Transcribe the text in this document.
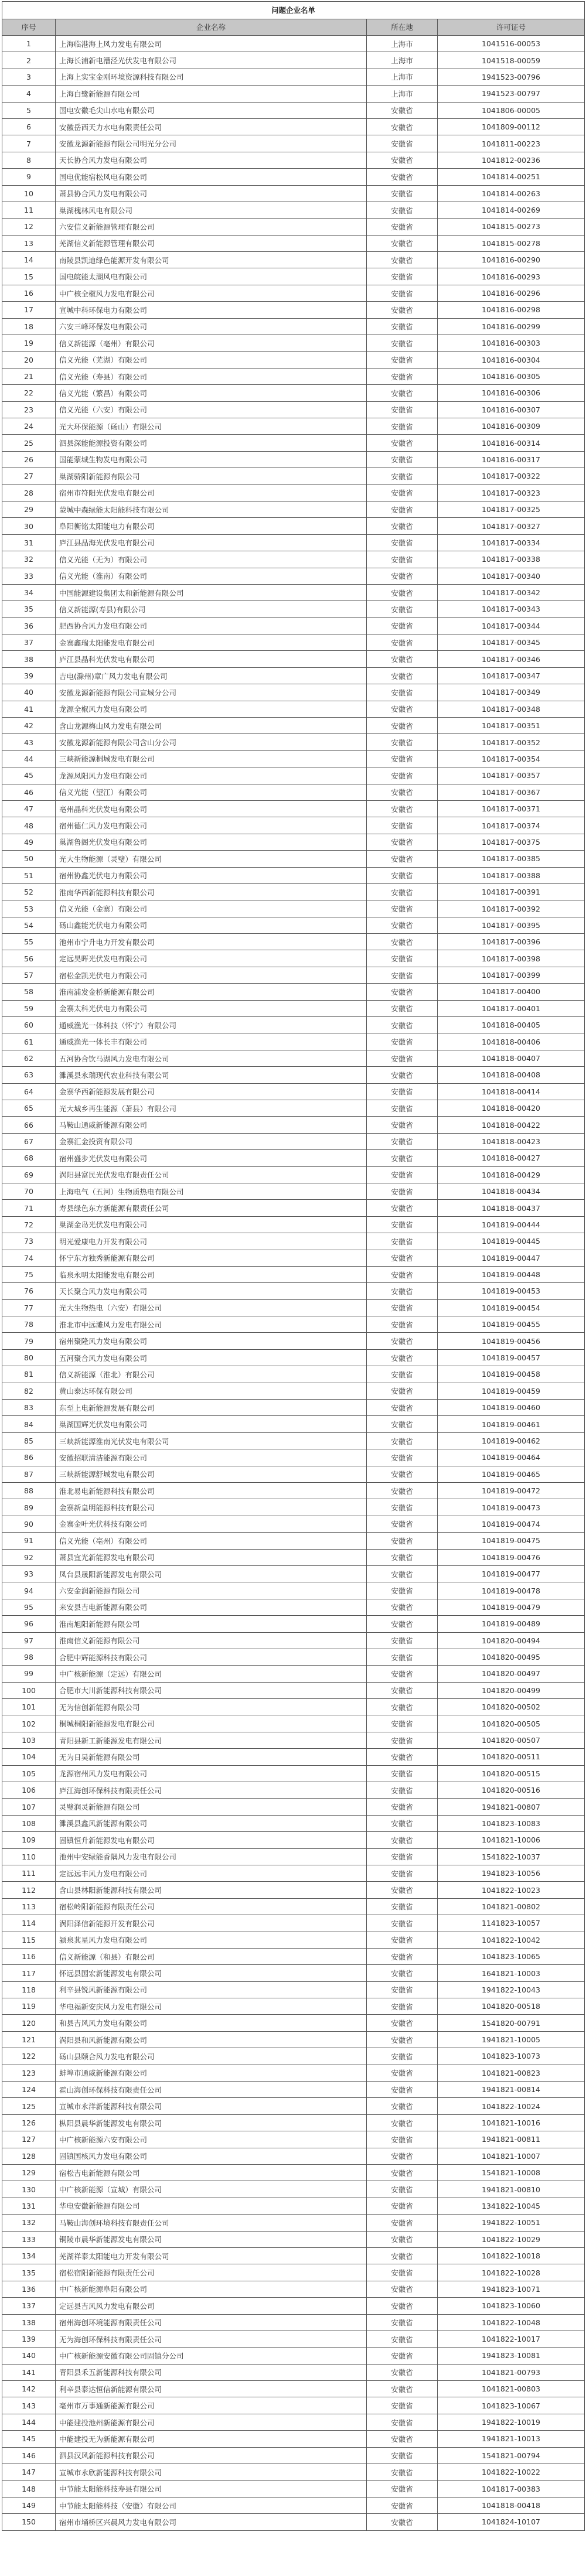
问题企业名单			
序号	企业名称	所在地	许可证号
1	上海临港海上风力发电有限公司	上海市	1041516-00053
2	上海长浦新电漕泾光伏发电有限公司	上海市	1041518-00059
3	上海上实宝金刚环境资源科技有限公司	上海市	1941523-00796
4	上海白鹭新能源有限公司	上海市	1941523-00797
5	国电安徽毛尖山水电有限公司	安徽省	1041806-00005
6	安徽岳西天力水电有限责任公司	安徽省	1041809-00112
7	安徽龙源新能源有限公司明光分公司	安徽省	1041811-00223
8	天长协合风力发电有限公司	安徽省	1041812-00236
9	国电优能宿松风电有限公司	安徽省	1041814-00251
10	萧县协合风力发电有限公司	安徽省	1041814-00263
11	巢湖槐林风电有限公司	安徽省	1041814-00269
12	六安信义新能源管理有限公司	安徽省	1041815-00273
13	芜湖信义新能源管理有限公司	安徽省	1041815-00278
14	南陵县凯迪绿色能源开发有限公司	安徽省	1041816-00290
15	国电皖能太湖风电有限公司	安徽省	1041816-00293
16	中广核全椒风力发电有限公司	安徽省	1041816-00296
17	宣城中科环保电力有限公司	安徽省	1041816-00298
18	六安三峰环保发电有限公司	安徽省	1041816-00299
19	信义新能源（亳州）有限公司	安徽省	1041816-00303
20	信义光能（芜湖）有限公司	安徽省	1041816-00304
21	信义光能（寿县）有限公司	安徽省	1041816-00305
22	信义光能（繁昌）有限公司	安徽省	1041816-00306
23	信义光能（六安）有限公司	安徽省	1041816-00307
24	光大环保能源（砀山）有限公司	安徽省	1041816-00309
25	泗县深能能源投资有限公司	安徽省	1041816-00314
26	国能蒙城生物发电有限公司	安徽省	1041816-00317
27	巢湖骄阳新能源有限公司	安徽省	1041817-00322
28	宿州市符阳光伏发电有限公司	安徽省	1041817-00323
29	蒙城中森绿能太阳能科技有限公司	安徽省	1041817-00325
30	阜阳衡铭太阳能电力有限公司	安徽省	1041817-00327
31	庐江县晶海光伏发电有限公司	安徽省	1041817-00334
32	信义光能（无为）有限公司	安徽省	1041817-00338
33	信义光能（淮南）有限公司	安徽省	1041817-00340
34	中国能源建设集团太和新能源有限公司	安徽省	1041817-00342
35	信义新能源(寿县)有限公司	安徽省	1041817-00343
36	肥西协合风力发电有限公司	安徽省	1041817-00344
37	金寨鑫瑞太阳能发电有限公司	安徽省	1041817-00345
38	庐江县晶科光伏发电有限公司	安徽省	1041817-00346
39	吉电(滁州)章广风力发电有限公司	安徽省	1041817-00347
40	安徽龙源新能源有限公司宣城分公司	安徽省	1041817-00349
41	龙源全椒风力发电有限公司	安徽省	1041817-00348
42	含山龙源梅山风力发电有限公司	安徽省	1041817-00351
43	安徽龙源新能源有限公司含山分公司	安徽省	1041817-00352
44	三峡新能源桐城发电有限公司	安徽省	1041817-00354
45	龙源凤阳风力发电有限公司	安徽省	1041817-00357
46	信义光能（望江）有限公司	安徽省	1041817-00367
47	亳州晶科光伏发电有限公司	安徽省	1041817-00371
48	宿州德仁风力发电有限公司	安徽省	1041817-00374
49	巢湖鲁阁光伏发电有限公司	安徽省	1041817-00375
50	光大生物能源（灵璧）有限公司	安徽省	1041817-00385
51	宿州协鑫光伏电力有限公司	安徽省	1041817-00388
52	淮南华西新能源科技有限公司	安徽省	1041817-00391
53	信义光能（金寨）有限公司	安徽省	1041817-00392
54	砀山鑫能光伏电力有限公司	安徽省	1041817-00395
55	池州市宁升电力开发有限公司	安徽省	1041817-00396
56	定远昊晖光伏发电有限公司	安徽省	1041817-00398
57	宿松金凯光伏电力有限公司	安徽省	1041817-00399
58	淮南浦发金桥新能源有限公司	安徽省	1041817-00400
59	金寨太科光伏电力有限公司	安徽省	1041817-00401
60	通威渔光一体科技（怀宁）有限公司	安徽省	1041818-00405
61	通威渔光一体长丰有限公司	安徽省	1041818-00406
62	五河协合饮马湖风力发电有限公司	安徽省	1041818-00407
63	濉溪县永瑞现代农业科技有限公司	安徽省	1041818-00408
64	金寨华西新能源发展有限公司	安徽省	1041818-00414
65	光大城乡再生能源（萧县）有限公司	安徽省	1041818-00420
66	马鞍山通威新能源有限公司	安徽省	1041818-00422
67	金寨汇金投资有限公司	安徽省	1041818-00423
68	宿州盛步光伏发电有限公司	安徽省	1041818-00427
69	涡阳县富民光伏发电有限责任公司	安徽省	1041818-00429
70	上海电气（五河）生物质热电有限公司	安徽省	1041818-00434
71	寿县绿色东方新能源有限责任公司	安徽省	1041818-00437
72	巢湖金岛光伏发电有限公司	安徽省	1041819-00444
73	明光爱康电力开发有限公司	安徽省	1041819-00445
74	怀宁东方独秀新能源有限公司	安徽省	1041819-00447
75	临泉永明太阳能发电有限公司	安徽省	1041819-00448
76	天长聚合风力发电有限公司	安徽省	1041819-00453
77	光大生物热电（六安）有限公司	安徽省	1041819-00454
78	淮北市中远濉风力发电有限公司	安徽省	1041819-00455
79	宿州聚隆风力发电有限公司	安徽省	1041819-00456
80	五河聚合风力发电有限公司	安徽省	1041819-00457
81	信义新能源（淮北）有限公司	安徽省	1041819-00458
82	黄山泰达环保有限公司	安徽省	1041819-00459
83	东至上电新能源发展有限公司	安徽省	1041819-00460
84	巢湖国辉光伏发电有限公司	安徽省	1041819-00461
85	三峡新能源淮南光伏发电有限公司	安徽省	1041819-00462
86	安徽招联清洁能源有限公司	安徽省	1041819-00464
87	三峡新能源舒城发电有限公司	安徽省	1041819-00465
88	淮北易电新能源科技有限公司	安徽省	1041819-00472
89	金寨新皇明能源科技有限公司	安徽省	1041819-00473
90	金寨金叶光伏科技有限公司	安徽省	1041819-00474
91	信义光能（亳州）有限公司	安徽省	1041819-00475
92	萧县宜光新能源发电有限公司	安徽省	1041819-00476
93	凤台县晟阳新能源发电有限公司	安徽省	1041819-00477
94	六安金润新能源有限公司	安徽省	1041819-00478
95	来安县吉电新能源有限公司	安徽省	1041819-00479
96	淮南旭阳新能源有限公司	安徽省	1041819-00489
97	淮南信义新能源有限公司	安徽省	1041820-00494
98	合肥中辉能源科技有限公司	安徽省	1041820-00495
99	中广核新能源（定远）有限公司	安徽省	1041820-00497
100	合肥市大川新能源科技有限公司	安徽省	1041820-00499
101	无为信创新能源有限公司	安徽省	1041820-00502
102	桐城桐阳新能源发电有限公司	安徽省	1041820-00505
103	青阳县新工新能源发电有限公司	安徽省	1041820-00507
104	无为日昊新能源有限公司	安徽省	1041820-00511
105	龙源宿州风力发电有限公司	安徽省	1041820-00515
106	庐江海创环保科技有限责任公司	安徽省	1041820-00516
107	灵璧润灵新能源有限公司	安徽省	1941821-00807
108	濉溪县鑫风新能源有限公司	安徽省	1041823-10083
109	固镇恒升新能源发电有限公司	安徽省	1041821-10006
110	池州中安绿能香隅风力发电有限公司	安徽省	1541822-10037
111	定远远丰风力发电有限公司	安徽省	1941823-10056
112	含山县林阳新能源科技有限公司	安徽省	1041822-10023
113	宿松岭阳新能源有限责任公司	安徽省	1041821-00802
114	涡阳泽信新能源开发有限公司	安徽省	1141823-10057
115	颍泉萁星风力发电有限公司	安徽省	1041822-10042
116	信义新能源（和县）有限公司	安徽省	1041823-10065
117	怀远县国宏新能源发电有限公司	安徽省	1641821-10003
118	利辛县锐风新能源有限公司	安徽省	1941822-10043
119	华电福新安庆风力发电有限公司	安徽省	1041820-00518
120	和县吉风风力发电有限公司	安徽省	1541820-00791
121	涡阳县和风新能源有限公司	安徽省	1941821-10005
122	砀山县颐合风力发电有限公司	安徽省	1041823-10073
123	蚌埠市通威新能源有限公司	安徽省	1041821-00823
124	霍山海创环保科技有限责任公司	安徽省	1941821-00814
125	宣城市永洋新能源科技有限公司	安徽省	1041822-10024
126	枞阳县晨华新能源发电有限公司	安徽省	1041821-10016
127	中广核新能源六安有限公司	安徽省	1941821-00811
128	固镇国核风力发电有限公司	安徽省	1041821-10007
129	宿松吉电新能源有限公司	安徽省	1541821-10008
130	中广核新能源（宣城）有限公司	安徽省	1941821-00810
131	华电安徽新能源有限公司	安徽省	1341822-10045
132	马鞍山海创环境科技有限责任公司	安徽省	1941822-10051
133	铜陵市晨华新能源发电有限公司	安徽省	1041822-10029
134	芜湖祥泰太阳能电力开发有限公司	安徽省	1041822-10018
135	宿松宿阳新能源有限责任公司	安徽省	1041822-10028
136	中广核新能源阜阳有限公司	安徽省	1941823-10071
137	定远县吉风风力发电有限公司	安徽省	1041823-10060
138	宿州海创环境能源有限责任公司	安徽省	1041822-10048
139	无为海创环保科技有限责任公司	安徽省	1041822-10017
140	中广核新能源安徽有限公司固镇分公司	安徽省	1941823-10081
141	青阳县禾五新能源科技有限公司	安徽省	1041821-00793
142	利辛县泰达恒信新能源有限公司	安徽省	1041821-00803
143	亳州市万事通新能源有限公司	安徽省	1041823-10067
144	中能建投池州新能源有限公司	安徽省	1941822-10019
145	中能建投无为新能源有限公司	安徽省	1941821-10013
146	泗县汉风新能源科技有限公司	安徽省	1541821-00794
147	宣城市永欣新能源科技有限公司	安徽省	1041822-10022
148	中节能太阳能科技寿县有限公司	安徽省	1041817-00383
149	中节能太阳能科技（安徽）有限公司	安徽省	1041818-00418
150	宿州市埇桥区兴晨风力发电有限公司	安徽省	1041824-10107
